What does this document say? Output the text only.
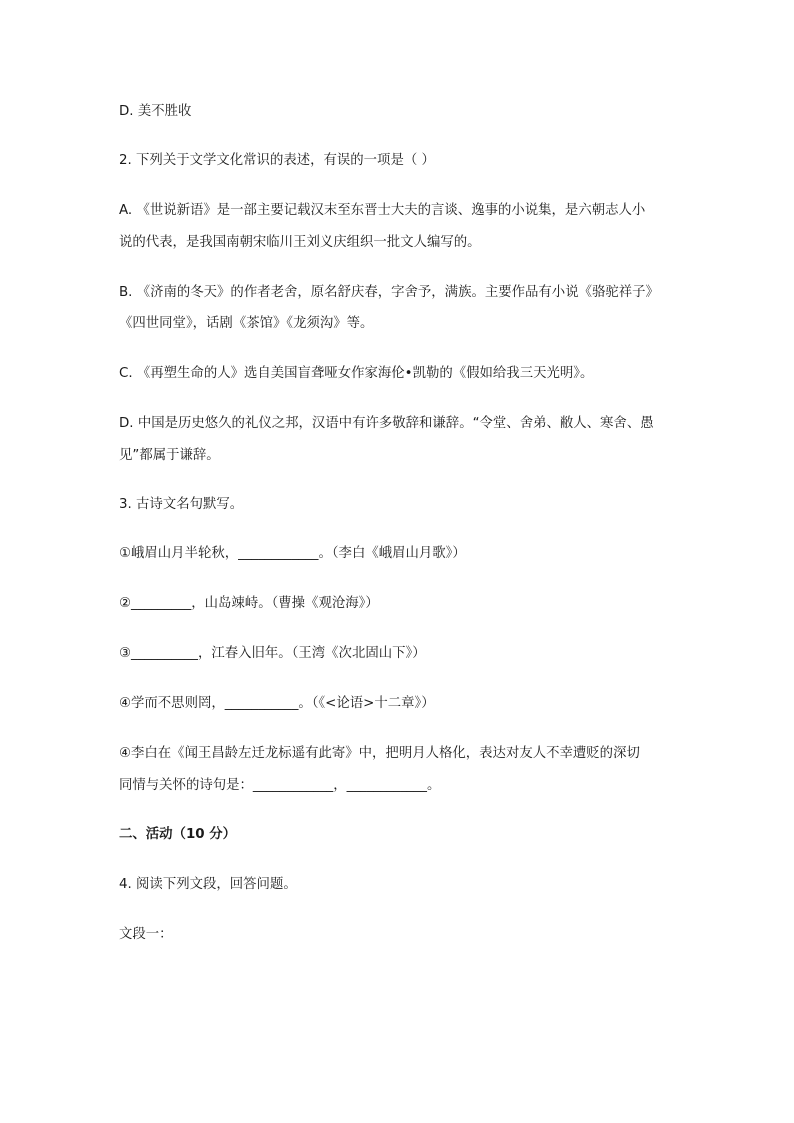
D. 美不胜收
2. 下列关于文学文化常识的表述，有误的一项是（ ）
A. 《世说新语》是一部主要记载汉末至东晋士大夫的言谈、逸事的小说集，是六朝志人小
说的代表，是我国南朝宋临川王刘义庆组织一批文人编写的。
B. 《济南的冬天》的作者老舍，原名舒庆春，字舍予，满族。主要作品有小说《骆驼祥子》
《四世同堂》，话剧《茶馆》《龙须沟》等。
C. 《再塑生命的人》选自美国盲聋哑女作家海伦•凯勒的《假如给我三天光明》。
D. 中国是历史悠久的礼仪之邦，汉语中有许多敬辞和谦辞。“令堂、舍弟、敝人、寒舍、愚
见”都属于谦辞。
3. 古诗文名句默写。
①峨眉山月半轮秋，____________。（李白《峨眉山月歌》）
②_________，山岛竦峙。（曹操《观沧海》）
③__________，江春入旧年。（王湾《次北固山下》）
④学而不思则罔，___________。（《<论语>十二章》）
④李白在《闻王昌龄左迁龙标遥有此寄》中，把明月人格化，表达对友人不幸遭贬的深切
同情与关怀的诗句是：____________，____________。
二、活动（10 分）
4. 阅读下列文段，回答问题。
文段一：
